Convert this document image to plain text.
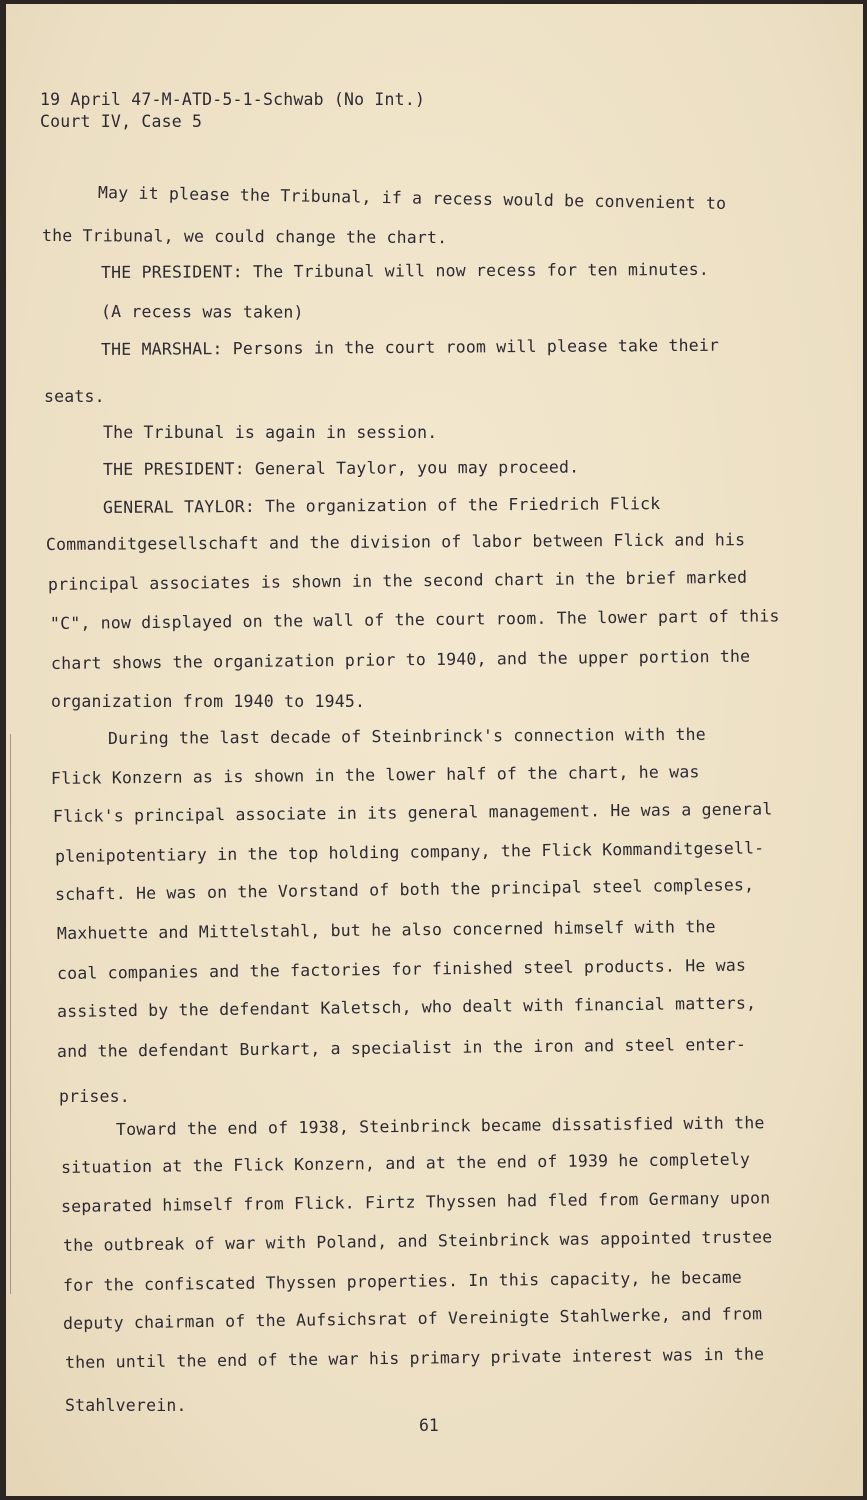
19 April 47-M-ATD-5-1-Schwab (No Int.)
Court IV, Case 5
May it please the Tribunal, if a recess would be convenient to
the Tribunal, we could change the chart.
THE PRESIDENT: The Tribunal will now recess for ten minutes.
(A recess was taken)
THE MARSHAL: Persons in the court room will please take their
seats.
The Tribunal is again in session.
THE PRESIDENT: General Taylor, you may proceed.
GENERAL TAYLOR: The organization of the Friedrich Flick
Commanditgesellschaft and the division of labor between Flick and his
principal associates is shown in the second chart in the brief marked
"C", now displayed on the wall of the court room. The lower part of this
chart shows the organization prior to 1940, and the upper portion the
organization from 1940 to 1945.
During the last decade of Steinbrinck's connection with the
Flick Konzern as is shown in the lower half of the chart, he was
Flick's principal associate in its general management. He was a general
plenipotentiary in the top holding company, the Flick Kommanditgesell-
schaft. He was on the Vorstand of both the principal steel compleses,
Maxhuette and Mittelstahl, but he also concerned himself with the
coal companies and the factories for finished steel products. He was
assisted by the defendant Kaletsch, who dealt with financial matters,
and the defendant Burkart, a specialist in the iron and steel enter-
prises.
Toward the end of 1938, Steinbrinck became dissatisfied with the
situation at the Flick Konzern, and at the end of 1939 he completely
separated himself from Flick. Firtz Thyssen had fled from Germany upon
the outbreak of war with Poland, and Steinbrinck was appointed trustee
for the confiscated Thyssen properties. In this capacity, he became
deputy chairman of the Aufsichsrat of Vereinigte Stahlwerke, and from
then until the end of the war his primary private interest was in the
Stahlverein.
61
